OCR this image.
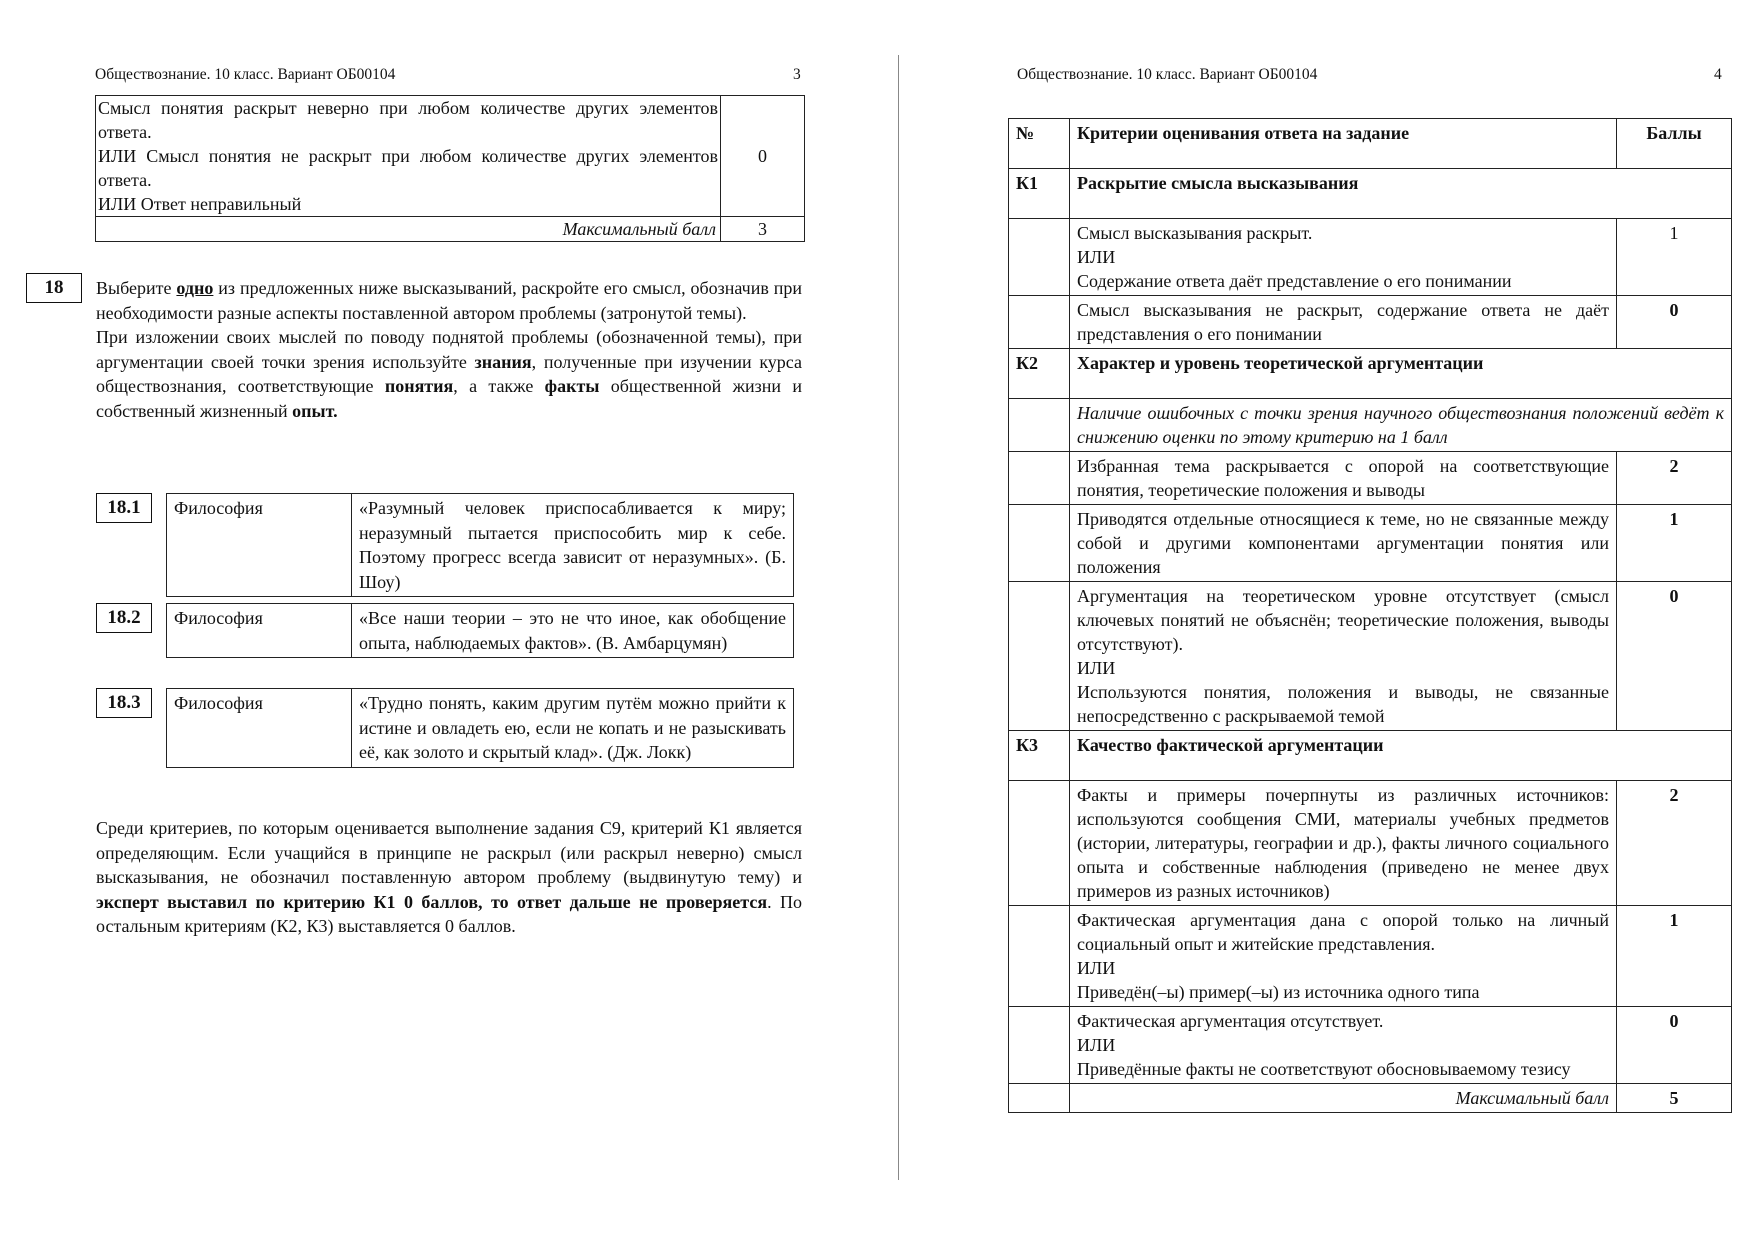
Обществознание. 10 класс. Вариант ОБ00104	3
Смысл понятия раскрыт неверно при любом количестве других элементов ответа.
ИЛИ Смысл понятия не раскрыт при любом количестве других элементов ответа.
ИЛИ Ответ неправильный	0
Максимальный балл	3
18	Выберите одно из предложенных ниже высказываний, раскройте его смысл, обозначив при необходимости разные аспекты поставленной автором проблемы (затронутой темы).
При изложении своих мыслей по поводу поднятой проблемы (обозначенной темы), при аргументации своей точки зрения используйте знания, полученные при изучении курса обществознания, соответствующие понятия, а также факты общественной жизни и собственный жизненный опыт.
18.1	Философия	«Разумный человек приспосабливается к миру; неразумный пытается приспособить мир к себе. Поэтому прогресс всегда зависит от неразумных». (Б. Шоу)
18.2	Философия	«Все наши теории – это не что иное, как обобщение опыта, наблюдаемых фактов». (В. Амбарцумян)
18.3	Философия	«Трудно понять, каким другим путём можно прийти к истине и овладеть ею, если не копать и не разыскивать её, как золото и скрытый клад». (Дж. Локк)
Среди критериев, по которым оценивается выполнение задания С9, критерий К1 является определяющим. Если учащийся в принципе не раскрыл (или раскрыл неверно) смысл высказывания, не обозначил поставленную автором проблему (выдвинутую тему) и эксперт выставил по критерию К1 0 баллов, то ответ дальше не проверяется. По остальным критериям (К2, К3) выставляется 0 баллов.
Обществознание. 10 класс. Вариант ОБ00104	4
№	Критерии оценивания ответа на задание	Баллы
К1	Раскрытие смысла высказывания	

	Смысл высказывания раскрыт.
ИЛИ
Содержание ответа даёт представление о его понимании	1

	Смысл высказывания не раскрыт, содержание ответа не даёт представления о его понимании	0
К2	Характер и уровень теоретической аргументации	
	Наличие ошибочных с точки зрения научного обществознания положений ведёт к снижению оценки по этому критерию на 1 балл	

	Избранная тема раскрывается с опорой на соответствующие понятия, теоретические положения и выводы	2

	Приводятся отдельные относящиеся к теме, но не связанные между собой и другими компонентами аргументации понятия или положения	1

	Аргументация на теоретическом уровне отсутствует (смысл ключевых понятий не объяснён; теоретические положения, выводы отсутствуют).
ИЛИ
Используются понятия, положения и выводы, не связанные непосредственно с раскрываемой темой	0
К3	Качество фактической аргументации	

	Факты и примеры почерпнуты из различных источников: используются сообщения СМИ, материалы учебных предметов (истории, литературы, географии и др.), факты личного социального опыта и собственные наблюдения (приведено не менее двух примеров из разных источников)	2

	Фактическая аргументация дана с опорой только на личный социальный опыт и житейские представления.
ИЛИ
Приведён(–ы) пример(–ы) из источника одного типа	1

	Фактическая аргументация отсутствует.
ИЛИ
Приведённые факты не соответствуют обосновываемому тезису	0
	Максимальный балл	5
